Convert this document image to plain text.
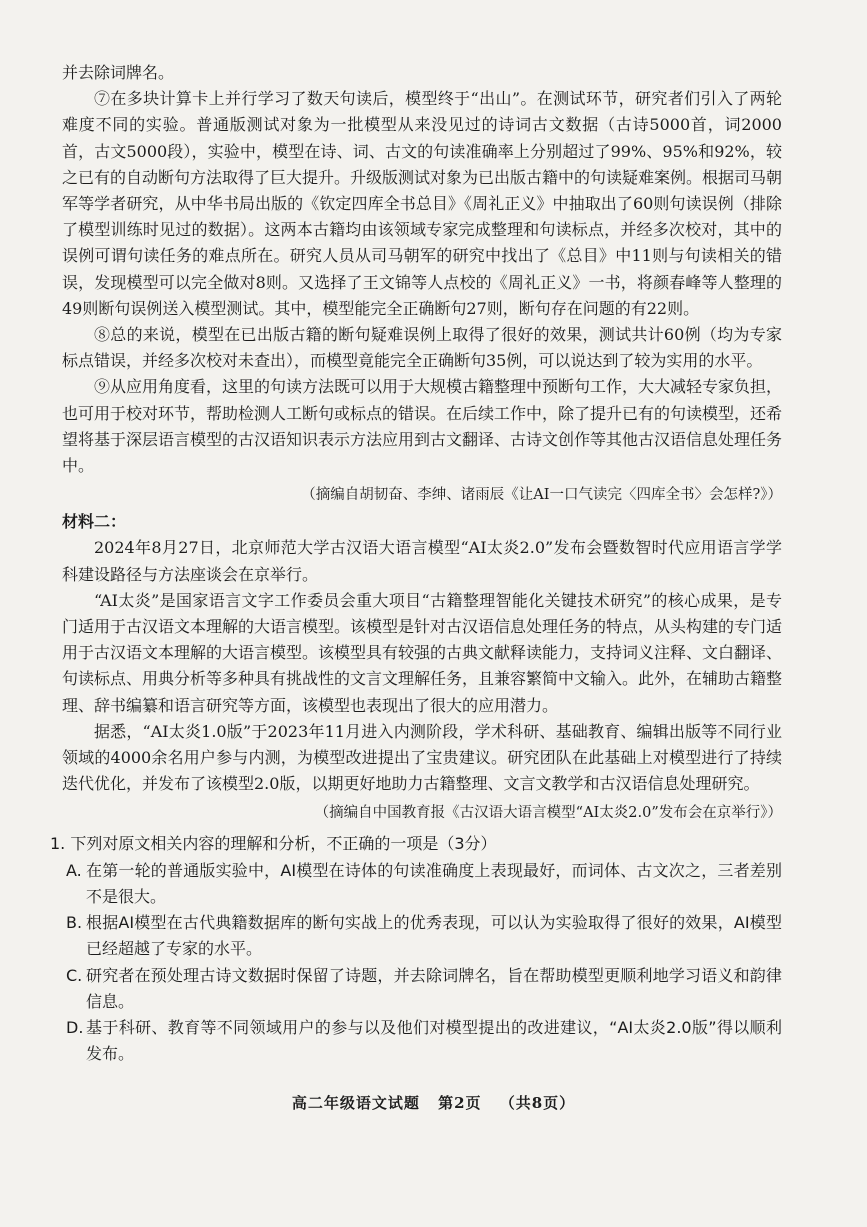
并去除词牌名。

⑦在多块计算卡上并行学习了数天句读后，模型终于“出山”。在测试环节，研究者们引入了两轮难度不同的实验。普通版测试对象为一批模型从来没见过的诗词古文数据（古诗5000首，词2000首，古文5000段），实验中，模型在诗、词、古文的句读准确率上分别超过了99%、95%和92%，较之已有的自动断句方法取得了巨大提升。升级版测试对象为已出版古籍中的句读疑难案例。根据司马朝军等学者研究，从中华书局出版的《钦定四库全书总目》《周礼正义》中抽取出了60则句读误例（排除了模型训练时见过的数据）。这两本古籍均由该领域专家完成整理和句读标点，并经多次校对，其中的误例可谓句读任务的难点所在。研究人员从司马朝军的研究中找出了《总目》中11则与句读相关的错误，发现模型可以完全做对8则。又选择了王文锦等人点校的《周礼正义》一书，将颜春峰等人整理的49则断句误例送入模型测试。其中，模型能完全正确断句27则，断句存在问题的有22则。

⑧总的来说，模型在已出版古籍的断句疑难误例上取得了很好的效果，测试共计60例（均为专家标点错误，并经多次校对未查出），而模型竟能完全正确断句35例，可以说达到了较为实用的水平。

⑨从应用角度看，这里的句读方法既可以用于大规模古籍整理中预断句工作，大大减轻专家负担，也可用于校对环节，帮助检测人工断句或标点的错误。在后续工作中，除了提升已有的句读模型，还希望将基于深层语言模型的古汉语知识表示方法应用到古文翻译、古诗文创作等其他古汉语信息处理任务中。

（摘编自胡韧奋、李绅、诸雨辰《让AI一口气读完〈四库全书〉会怎样?》）

材料二：

2024年8月27日，北京师范大学古汉语大语言模型“AI太炎2.0”发布会暨数智时代应用语言学学科建设路径与方法座谈会在京举行。

“AI太炎”是国家语言文字工作委员会重大项目“古籍整理智能化关键技术研究”的核心成果，是专门适用于古汉语文本理解的大语言模型。该模型是针对古汉语信息处理任务的特点，从头构建的专门适用于古汉语文本理解的大语言模型。该模型具有较强的古典文献释读能力，支持词义注释、文白翻译、句读标点、用典分析等多种具有挑战性的文言文理解任务，且兼容繁简中文输入。此外，在辅助古籍整理、辞书编纂和语言研究等方面，该模型也表现出了很大的应用潜力。

据悉，“AI太炎1.0版”于2023年11月进入内测阶段，学术科研、基础教育、编辑出版等不同行业领域的4000余名用户参与内测，为模型改进提出了宝贵建议。研究团队在此基础上对模型进行了持续迭代优化，并发布了该模型2.0版，以期更好地助力古籍整理、文言文教学和古汉语信息处理研究。

（摘编自中国教育报《古汉语大语言模型“AI太炎2.0”发布会在京举行》）

1. 下列对原文相关内容的理解和分析，不正确的一项是（3分）

A. 在第一轮的普通版实验中，AI模型在诗体的句读准确度上表现最好，而词体、古文次之，三者差别不是很大。
B. 根据AI模型在古代典籍数据库的断句实战上的优秀表现，可以认为实验取得了很好的效果，AI模型已经超越了专家的水平。
C. 研究者在预处理古诗文数据时保留了诗题，并去除词牌名，旨在帮助模型更顺利地学习语义和韵律信息。
D. 基于科研、教育等不同领域用户的参与以及他们对模型提出的改进建议，“AI太炎2.0版”得以顺利发布。
高二年级语文试题 第2页 （共8页）
